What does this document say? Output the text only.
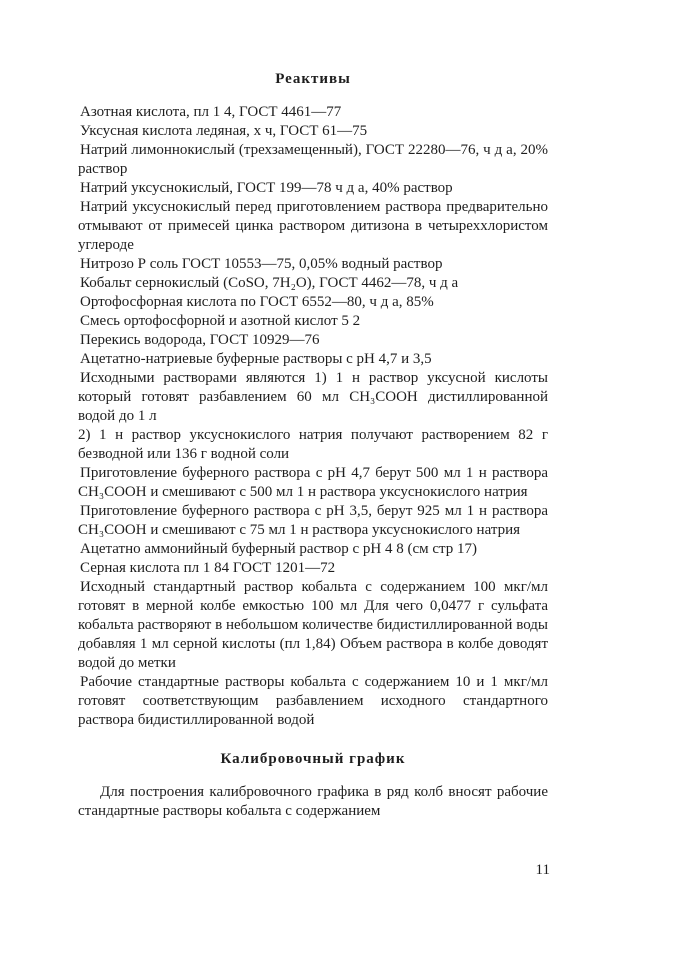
Реактивы

Азотная кислота, пл 1 4, ГОСТ 4461—77

Уксусная кислота ледяная, х ч, ГОСТ 61—75

Натрий лимоннокислый (трехзамещенный), ГОСТ 22280—76, ч д а, 20% раствор

Натрий уксуснокислый, ГОСТ 199—78 ч д а, 40% раствор

Натрий уксуснокислый перед приготовлением раствора предварительно отмывают от примесей цинка раствором дитизона в четыреххлористом углероде

Нитрозо Р соль ГОСТ 10553—75, 0,05% водный раствор

Кобальт сернокислый (CoSO, 7H₂O), ГОСТ 4462—78, ч д а

Ортофосфорная кислота по ГОСТ 6552—80, ч д а, 85%

Смесь ортофосфорной и азотной кислот 5 2

Перекись водорода, ГОСТ 10929—76

Ацетатно-натриевые буферные растворы с pH 4,7 и 3,5

Исходными растворами являются 1) 1 н раствор уксусной кислоты который готовят разбавлением 60 мл CH₃COOH дистиллированной водой до 1 л

2) 1 н раствор уксуснокислого натрия получают растворением 82 г безводной или 136 г водной соли

Приготовление буферного раствора с pH 4,7 берут 500 мл 1 н раствора CH₃COOH и смешивают с 500 мл 1 н раствора уксуснокислого натрия

Приготовление буферного раствора с pH 3,5, берут 925 мл 1 н раствора CH₃COOH и смешивают с 75 мл 1 н раствора уксуснокислого натрия

Ацетатно аммонийный буферный раствор с pH 4 8 (см стр 17)

Серная кислота пл 1 84 ГОСТ 1201—72

Исходный стандартный раствор кобальта с содержанием 100 мкг/мл готовят в мерной колбе емкостью 100 мл Для чего 0,0477 г сульфата кобальта растворяют в небольшом количестве бидистиллированной воды добавляя 1 мл серной кислоты (пл 1,84) Объем раствора в колбе доводят водой до метки

Рабочие стандартные растворы кобальта с содержанием 10 и 1 мкг/мл готовят соответствующим разбавлением исходного стандартного раствора бидистиллированной водой

Калибровочный график

Для построения калибровочного графика в ряд колб вносят рабочие стандартные растворы кобальта с содержанием

11
